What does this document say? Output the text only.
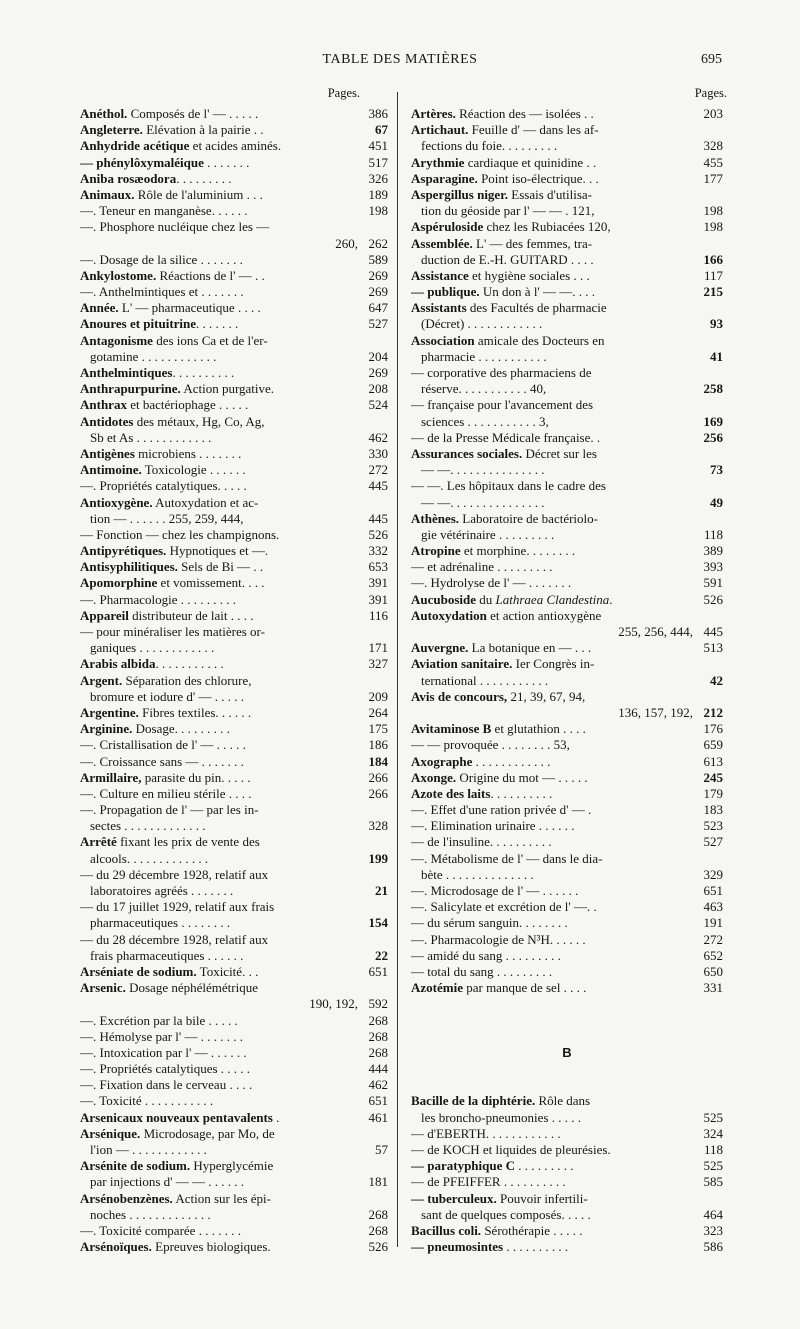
TABLE DES MATIÈRES	695
Pages.
Anéthol. Composés de l' — . . . . .	386
Angleterre. Elévation à la pairie . .	67
Anhydride acétique et acides aminés.	451
— phénylôxymaléique . . . . . . .	517
Aniba rosæodora. . . . . . . . .	326
Animaux. Rôle de l'aluminium . . .	189
—. Teneur en manganèse. . . . . .	198
—. Phosphore nucléique chez les —
260, 262
—. Dosage de la silice . . . . . . .	589
Ankylostome. Réactions de l' — . .	269
—. Anthelmintiques et . . . . . . .	269
Année. L' — pharmaceutique . . . .	647
Anoures et pituitrine. . . . . . .	527
Antagonisme des ions Ca et de l'er-
gotamine . . . . . . . . . . . .	204
Anthelmintiques. . . . . . . . . .	269
Anthrapurpurine. Action purgative.	208
Anthrax et bactériophage . . . . .	524
Antidotes des métaux, Hg, Co, Ag,
Sb et As . . . . . . . . . . . .	462
Antigènes microbiens . . . . . . .	330
Antimoine. Toxicologie . . . . . .	272
—. Propriétés catalytiques. . . . .	445
Antioxygène. Autoxydation et ac-
tion — . . . . . . 255, 259, 444,	445
— Fonction — chez les champignons.	526
Antipyrétiques. Hypnotiques et —.	332
Antisyphilitiques. Sels de Bi — . .	653
Apomorphine et vomissement. . . .	391
—. Pharmacologie . . . . . . . . .	391
Appareil distributeur de lait . . . .	116
— pour minéraliser les matières or-
ganiques . . . . . . . . . . . .	171
Arabis albida. . . . . . . . . . .	327
Argent. Séparation des chlorure,
bromure et iodure d' — . . . . .	209
Argentine. Fibres textiles. . . . . .	264
Arginine. Dosage. . . . . . . . .	175
—. Cristallisation de l' — . . . . .	186
—. Croissance sans — . . . . . . .	184
Armillaire, parasite du pin. . . . .	266
—. Culture en milieu stérile . . . .	266
—. Propagation de l' — par les in-
sectes . . . . . . . . . . . . .	328
Arrêté fixant les prix de vente des
alcools. . . . . . . . . . . . .	199
— du 29 décembre 1928, relatif aux
laboratoires agréés . . . . . . .	21
— du 17 juillet 1929, relatif aux frais
pharmaceutiques . . . . . . . .	154
— du 28 décembre 1928, relatif aux
frais pharmaceutiques . . . . . .	22
Arséniate de sodium. Toxicité. . .	651
Arsenic. Dosage néphélémétrique
190, 192, 592
—. Excrétion par la bile . . . . .	268
—. Hémolyse par l' — . . . . . . .	268
—. Intoxication par l' — . . . . . .	268
—. Propriétés catalytiques . . . . .	444
—. Fixation dans le cerveau . . . .	462
—. Toxicité . . . . . . . . . . .	651
Arsenicaux nouveaux pentavalents .	461
Arsénique. Microdosage, par Mo, de
l'ion — . . . . . . . . . . . .	57
Arsénite de sodium. Hyperglycémie
par injections d' — — . . . . . .	181
Arsénobenzènes. Action sur les épi-
noches . . . . . . . . . . . . .	268
—. Toxicité comparée . . . . . . .	268
Arsénoïques. Epreuves biologiques.	526
Pages.
Artères. Réaction des — isolées . .	203
Artichaut. Feuille d' — dans les af-
fections du foie. . . . . . . . .	328
Arythmie cardiaque et quinidine . .	455
Asparagine. Point iso-électrique. . .	177
Aspergillus niger. Essais d'utilisa-
tion du géoside par l' — — . 121,	198
Aspéruloside chez les Rubiacées 120,	198
Assemblée. L' — des femmes, tra-
duction de E.-H. GUITARD . . . .	166
Assistance et hygiène sociales . . .	117
— publique. Un don à l' — —. . . .	215
Assistants des Facultés de pharmacie
(Décret) . . . . . . . . . . . .	93
Association amicale des Docteurs en
pharmacie . . . . . . . . . . .	41
— corporative des pharmaciens de
réserve. . . . . . . . . . . 40,	258
— française pour l'avancement des
sciences . . . . . . . . . . . 3,	169
— de la Presse Médicale française. .	256
Assurances sociales. Décret sur les
— —. . . . . . . . . . . . . . .	73
— —. Les hôpitaux dans le cadre des
— —. . . . . . . . . . . . . . .	49
Athènes. Laboratoire de bactériolo-
gie vétérinaire . . . . . . . . .	118
Atropine et morphine. . . . . . . .	389
— et adrénaline . . . . . . . . .	393
—. Hydrolyse de l' — . . . . . . .	591
Aucuboside du Lathraea Clandestina.	526
Autoxydation et action antioxygène
255, 256, 444, 445
Auvergne. La botanique en — . . .	513
Aviation sanitaire. Ier Congrès in-
ternational . . . . . . . . . . .	42
Avis de concours, 21, 39, 67, 94,
136, 157, 192, 212
Avitaminose B et glutathion . . . .	176
— — provoquée . . . . . . . . 53,	659
Axographe . . . . . . . . . . . .	613
Axonge. Origine du mot — . . . . .	245
Azote des laits. . . . . . . . . .	179
—. Effet d'une ration privée d' — .	183
—. Elimination urinaire . . . . . .	523
— de l'insuline. . . . . . . . . .	527
—. Métabolisme de l' — dans le dia-
bète . . . . . . . . . . . . . .	329
—. Microdosage de l' — . . . . . .	651
—. Salicylate et excrétion de l' —. .	463
— du sérum sanguin. . . . . . . .	191
—. Pharmacologie de N³H. . . . . .	272
— amidé du sang . . . . . . . . .	652
— total du sang . . . . . . . . .	650
Azotémie par manque de sel . . . .	331
B
Bacille de la diphtérie. Rôle dans
les broncho-pneumonies . . . . .	525
— d'EBERTH. . . . . . . . . . . .	324
— de KOCH et liquides de pleurésies.	118
— paratyphique C . . . . . . . . .	525
— de PFEIFFER . . . . . . . . . .	585
— tuberculeux. Pouvoir infertili-
sant de quelques composés. . . . .	464
Bacillus coli. Sérothérapie . . . . .	323
— pneumosintes . . . . . . . . . .	586
